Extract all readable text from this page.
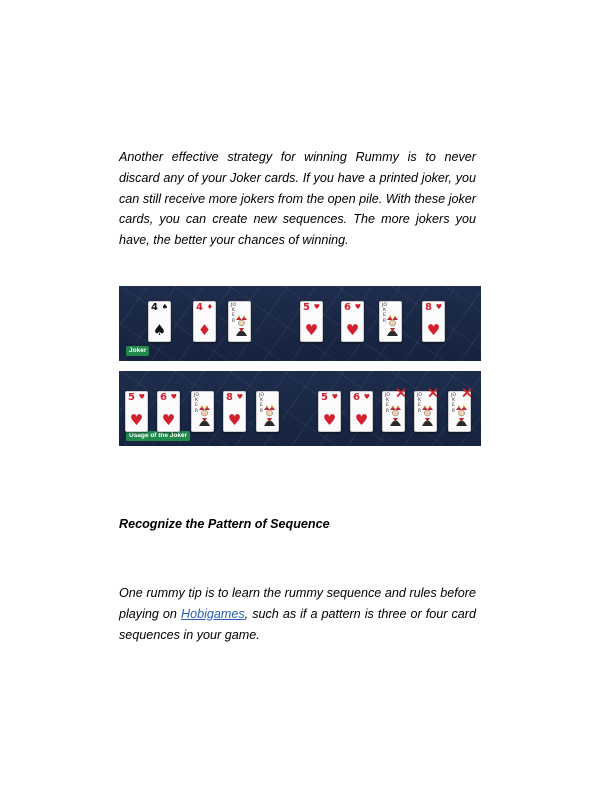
Another effective strategy for winning Rummy is to never discard any of your Joker cards. If you have a printed joker, you can still receive more jokers from the open pile. With these joker cards, you can create new sequences. The more jokers you have, the better your chances of winning.

Joker
4 ♠
♠
4 ♦
♦
JOKER
5 ♥
♥
6 ♥
♥
JOKER
8 ♥
♥
Usage of the Joker
5 ♥
♥
6 ♥
♥
JOKER
8 ♥
♥
JOKER
5 ♥
♥
6 ♥
♥
JOKER
✕ JOKER
✕	JOKER
✕
Recognize the Pattern of Sequence

One rummy tip is to learn the rummy sequence and rules before playing on Hobigames, such as if a pattern is three or four card sequences in your game.
